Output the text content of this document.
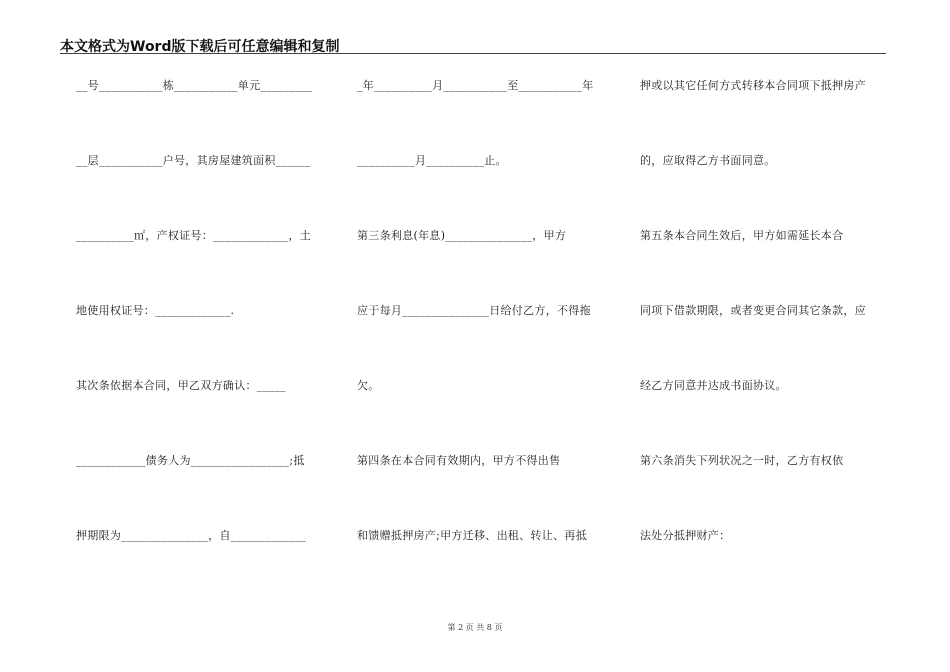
本文格式为Word版下载后可任意编辑和复制
__号___________栋___________单元_________
__层___________户号，其房屋建筑面积______
__________㎡，产权证号：_____________，土
地使用权证号：_____________.
其次条依据本合同，甲乙双方确认：_____
____________债务人为_________________;抵
押期限为_______________，自_____________
_年__________月___________至___________年
__________月__________止。
第三条利息(年息)_______________，甲方
应于每月_______________日给付乙方，不得拖
欠。
第四条在本合同有效期内，甲方不得出售
和馈赠抵押房产;甲方迁移、出租、转让、再抵
押或以其它任何方式转移本合同项下抵押房产
的，应取得乙方书面同意。
第五条本合同生效后，甲方如需延长本合
同项下借款期限，或者变更合同其它条款，应
经乙方同意并达成书面协议。
第六条消失下列状况之一时，乙方有权依
法处分抵押财产：
第 2 页 共 8 页
